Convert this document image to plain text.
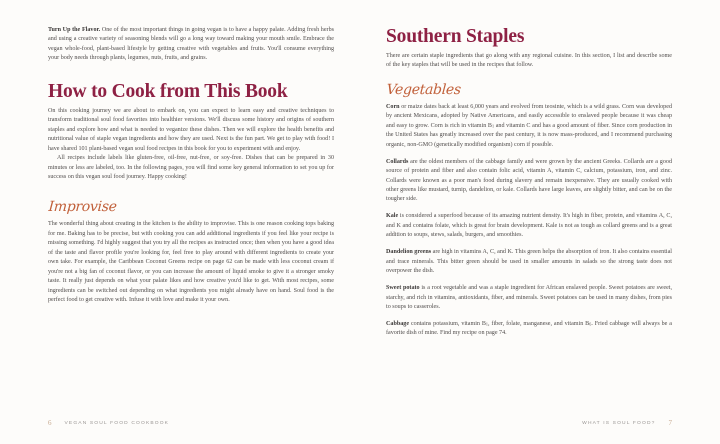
Turn Up the Flavor. One of the most important things in going vegan is to have a happy palate. Adding fresh herbs and using a creative variety of seasoning blends will go a long way toward making your mouth smile. Embrace the vegan whole-food, plant-based lifestyle by getting creative with vegetables and fruits. You'll consume everything your body needs through plants, legumes, nuts, fruits, and grains.

How to Cook from This Book

On this cooking journey we are about to embark on, you can expect to learn easy and creative techniques to transform traditional soul food favorites into healthier versions. We'll discuss some history and origins of southern staples and explore how and what is needed to veganize these dishes. Then we will explore the health benefits and nutritional value of staple vegan ingredients and how they are used. Next is the fun part. We get to play with food! I have shared 101 plant-based vegan soul food recipes in this book for you to experiment with and enjoy.

All recipes include labels like gluten-free, oil-free, nut-free, or soy-free. Dishes that can be prepared in 30 minutes or less are labeled, too. In the following pages, you will find some key general information to set you up for success on this vegan soul food journey. Happy cooking!

Improvise

The wonderful thing about creating in the kitchen is the ability to improvise. This is one reason cooking tops baking for me. Baking has to be precise, but with cooking you can add additional ingredients if you feel like your recipe is missing something. I'd highly suggest that you try all the recipes as instructed once; then when you have a good idea of the taste and flavor profile you're looking for, feel free to play around with different ingredients to create your own take. For example, the Caribbean Coconut Greens recipe on page 62 can be made with less coconut cream if you're not a big fan of coconut flavor, or you can increase the amount of liquid smoke to give it a stronger smoky taste. It really just depends on what your palate likes and how creative you'd like to get. With most recipes, some ingredients can be switched out depending on what ingredients you might already have on hand. Soul food is the perfect food to get creative with. Infuse it with love and make it your own.

6	VEGAN SOUL FOOD COOKBOOK
Southern Staples

There are certain staple ingredients that go along with any regional cuisine. In this section, I list and describe some of the key staples that will be used in the recipes that follow.

Vegetables

Corn or maize dates back at least 6,000 years and evolved from teosinte, which is a wild grass. Corn was developed by ancient Mexicans, adopted by Native Americans, and easily accessible to enslaved people because it was cheap and easy to grow. Corn is rich in vitamin $B_1$ and vitamin C and has a good amount of fiber. Since corn production in the United States has greatly increased over the past century, it is now mass-produced, and I recommend purchasing organic, non-GMO (genetically modified organism) corn if possible.

Collards are the oldest members of the cabbage family and were grown by the ancient Greeks. Collards are a good source of protein and fiber and also contain folic acid, vitamin A, vitamin C, calcium, potassium, iron, and zinc. Collards were known as a poor man's food during slavery and remain inexpensive. They are usually cooked with other greens like mustard, turnip, dandelion, or kale. Collards have large leaves, are slightly bitter, and can be on the tougher side.

Kale is considered a superfood because of its amazing nutrient density. It's high in fiber, protein, and vitamins A, C, and K and contains folate, which is great for brain development. Kale is not as tough as collard greens and is a great addition to soups, stews, salads, burgers, and smoothies.

Dandelion greens are high in vitamins A, C, and K. This green helps the absorption of iron. It also contains essential and trace minerals. This bitter green should be used in smaller amounts in salads so the strong taste does not overpower the dish.

Sweet potato is a root vegetable and was a staple ingredient for African enslaved people. Sweet potatoes are sweet, starchy, and rich in vitamins, antioxidants, fiber, and minerals. Sweet potatoes can be used in many dishes, from pies to soups to casseroles.

Cabbage contains potassium, vitamin $B_1$, fiber, folate, manganese, and vitamin $B_6$. Fried cabbage will always be a favorite dish of mine. Find my recipe on page 74.

WHAT IS SOUL FOOD? 7
